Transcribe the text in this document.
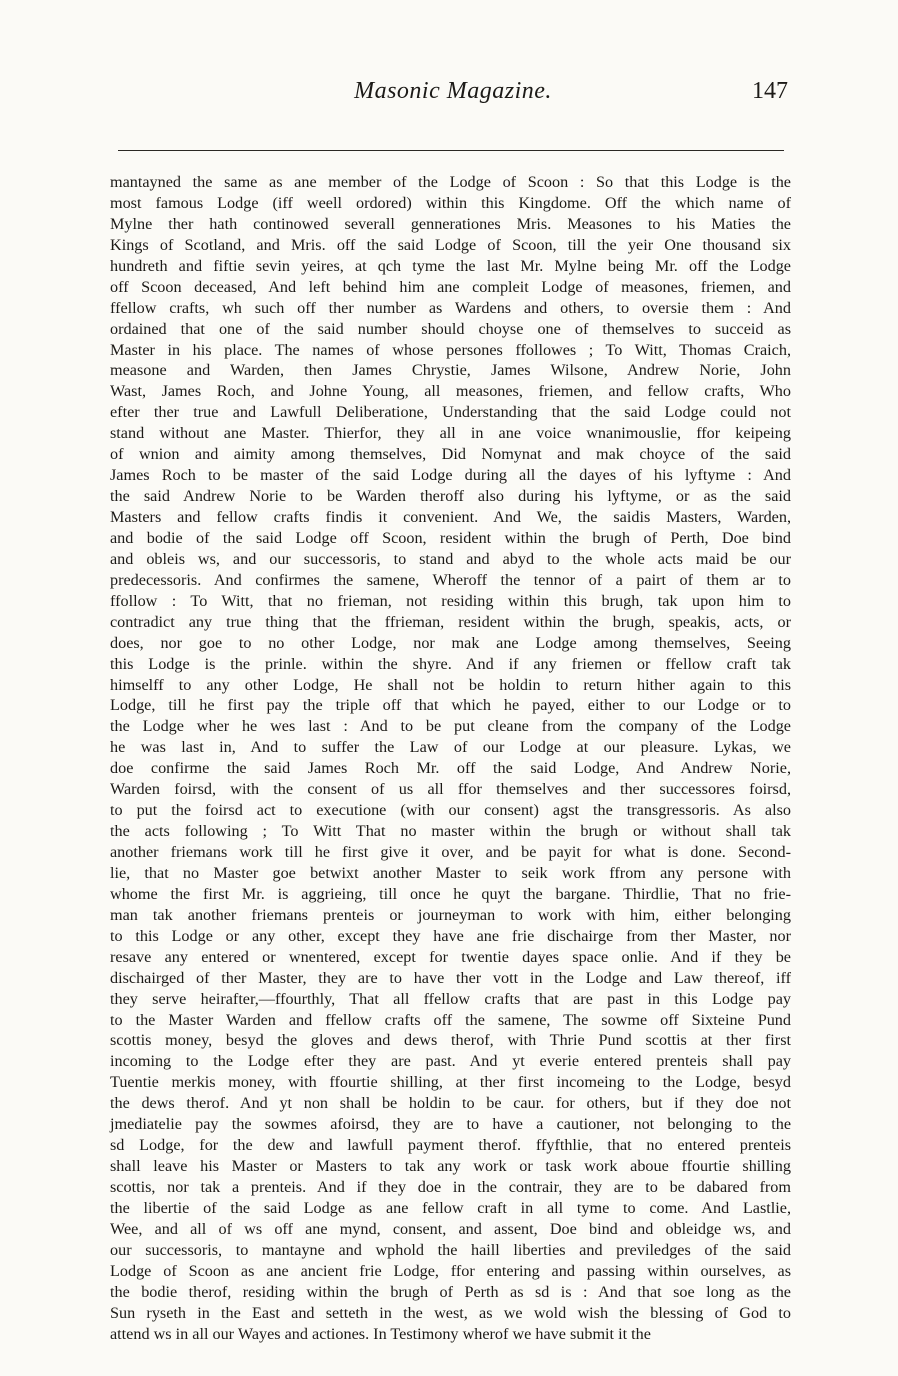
Masonic Magazine.	147
mantayned the same as ane member of the Lodge of Scoon : So that this Lodge is the
most famous Lodge (iff weell ordored) within this Kingdome. Off the which name of
Mylne ther hath continowed severall gennerationes Mris. Measones to his Maties the
Kings of Scotland, and Mris. off the said Lodge of Scoon, till the yeir One thousand six
hundreth and fiftie sevin yeires, at qch tyme the last Mr. Mylne being Mr. off the Lodge
off Scoon deceased, And left behind him ane compleit Lodge of measones, friemen, and
ffellow crafts, wh such off ther number as Wardens and others, to oversie them : And
ordained that one of the said number should choyse one of themselves to succeid as
Master in his place. The names of whose persones ffollowes ; To Witt, Thomas Craich,
measone and Warden, then James Chrystie, James Wilsone, Andrew Norie, John
Wast, James Roch, and Johne Young, all measones, friemen, and fellow crafts, Who
efter ther true and Lawfull Deliberatione, Understanding that the said Lodge could not
stand without ane Master. Thierfor, they all in ane voice wnanimouslie, ffor keipeing
of wnion and aimity among themselves, Did Nomynat and mak choyce of the said
James Roch to be master of the said Lodge during all the dayes of his lyftyme : And
the said Andrew Norie to be Warden theroff also during his lyftyme, or as the said
Masters and fellow crafts findis it convenient. And We, the saidis Masters, Warden,
and bodie of the said Lodge off Scoon, resident within the brugh of Perth, Doe bind
and obleis ws, and our successoris, to stand and abyd to the whole acts maid be our
predecessoris. And confirmes the samene, Wheroff the tennor of a pairt of them ar to
ffollow : To Witt, that no frieman, not residing within this brugh, tak upon him to
contradict any true thing that the ffrieman, resident within the brugh, speakis, acts, or
does, nor goe to no other Lodge, nor mak ane Lodge among themselves, Seeing
this Lodge is the prinle. within the shyre. And if any friemen or ffellow craft tak
himselff to any other Lodge, He shall not be holdin to return hither again to this
Lodge, till he first pay the triple off that which he payed, either to our Lodge or to
the Lodge wher he wes last : And to be put cleane from the company of the Lodge
he was last in, And to suffer the Law of our Lodge at our pleasure. Lykas, we
doe confirme the said James Roch Mr. off the said Lodge, And Andrew Norie,
Warden foirsd, with the consent of us all ffor themselves and ther successores foirsd,
to put the foirsd act to executione (with our consent) agst the transgressoris. As also
the acts following ; To Witt That no master within the brugh or without shall tak
another friemans work till he first give it over, and be payit for what is done. Second-
lie, that no Master goe betwixt another Master to seik work ffrom any persone with
whome the first Mr. is aggrieing, till once he quyt the bargane. Thirdlie, That no frie-
man tak another friemans prenteis or journeyman to work with him, either belonging
to this Lodge or any other, except they have ane frie dischairge from ther Master, nor
resave any entered or wnentered, except for twentie dayes space onlie. And if they be
dischairged of ther Master, they are to have ther vott in the Lodge and Law thereof, iff
they serve heirafter,—ffourthly, That all ffellow crafts that are past in this Lodge pay
to the Master Warden and ffellow crafts off the samene, The sowme off Sixteine Pund
scottis money, besyd the gloves and dews therof, with Thrie Pund scottis at ther first
incoming to the Lodge efter they are past. And yt everie entered prenteis shall pay
Tuentie merkis money, with ffourtie shilling, at ther first incomeing to the Lodge, besyd
the dews therof. And yt non shall be holdin to be caur. for others, but if they doe not
jmediatelie pay the sowmes afoirsd, they are to have a cautioner, not belonging to the
sd Lodge, for the dew and lawfull payment therof. ffyfthlie, that no entered prenteis
shall leave his Master or Masters to tak any work or task work aboue ffourtie shilling
scottis, nor tak a prenteis. And if they doe in the contrair, they are to be dabared from
the libertie of the said Lodge as ane fellow craft in all tyme to come. And Lastlie,
Wee, and all of ws off ane mynd, consent, and assent, Doe bind and obleidge ws, and
our successoris, to mantayne and wphold the haill liberties and previledges of the said
Lodge of Scoon as ane ancient frie Lodge, ffor entering and passing within ourselves, as
the bodie therof, residing within the brugh of Perth as sd is : And that soe long as the
Sun ryseth in the East and setteth in the west, as we wold wish the blessing of God to
attend ws in all our Wayes and actiones. In Testimony wherof we have submit it the
